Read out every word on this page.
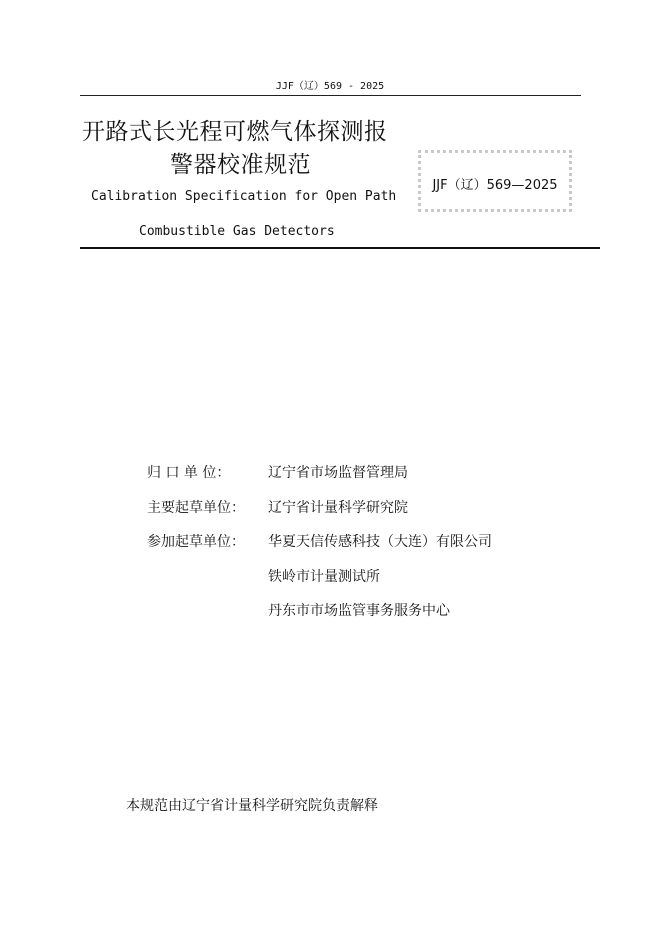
JJF（辽）569 - 2025
开路式长光程可燃气体探测报
警器校准规范
JJF（辽）569—2025
Calibration Specification for Open Path
Combustible Gas Detectors
归 口 单 位：	辽宁省市场监督管理局
主要起草单位： 辽宁省计量科学研究院
参加起草单位： 华夏天信传感科技（大连）有限公司
铁岭市计量测试所
丹东市市场监管事务服务中心
本规范由辽宁省计量科学研究院负责解释
